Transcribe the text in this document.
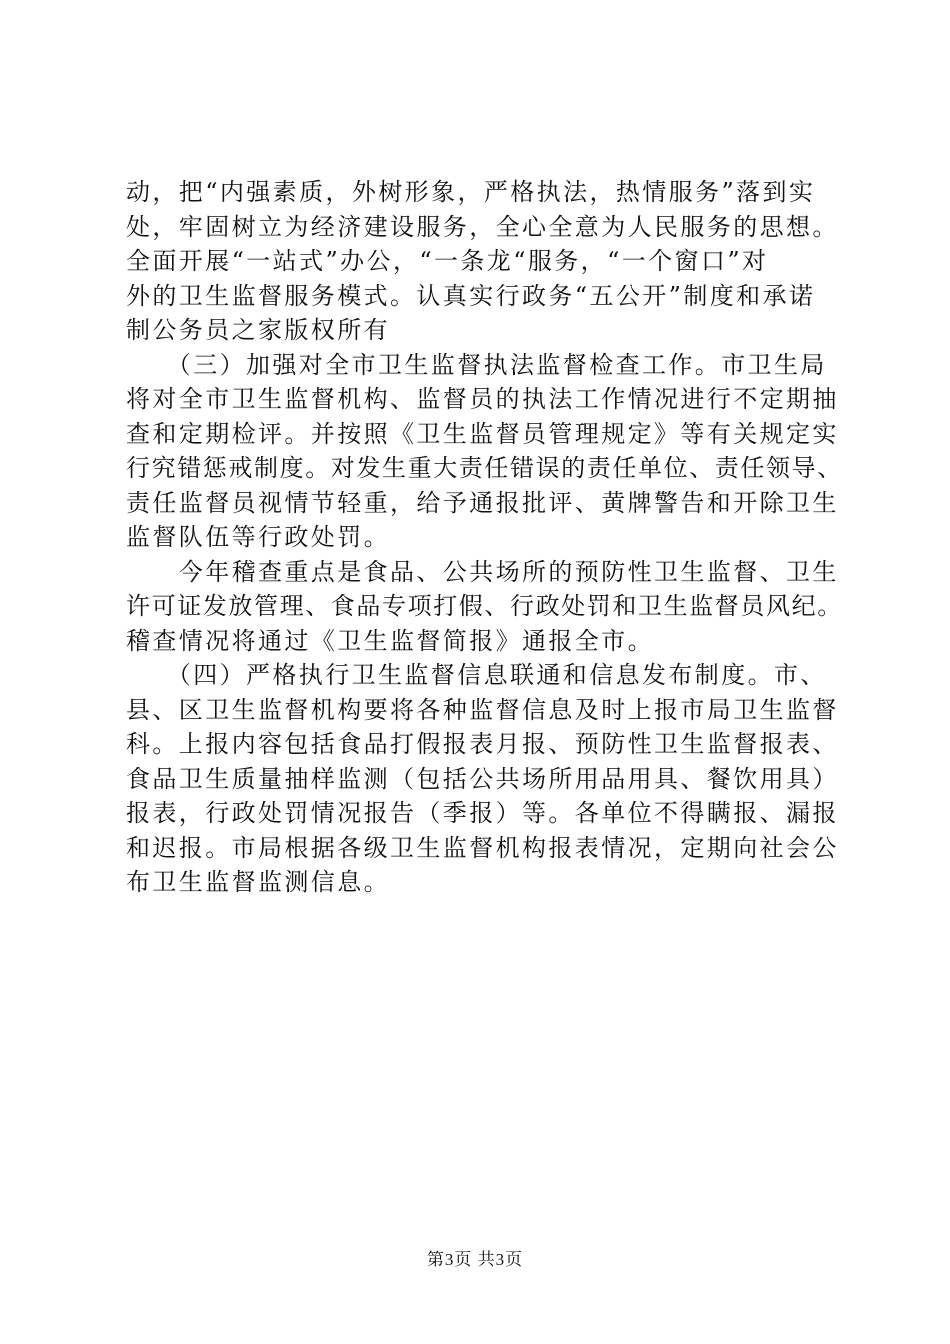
动，把“内强素质，外树形象，严格执法，热情服务”落到实
处，牢固树立为经济建设服务，全心全意为人民服务的思想。
全面开展“一站式”办公，“一条龙“服务，“一个窗口”对
外的卫生监督服务模式。认真实行政务“五公开”制度和承诺
制公务员之家版权所有
　　（三）加强对全市卫生监督执法监督检查工作。市卫生局
将对全市卫生监督机构、监督员的执法工作情况进行不定期抽
查和定期检评。并按照《卫生监督员管理规定》等有关规定实
行究错惩戒制度。对发生重大责任错误的责任单位、责任领导、
责任监督员视情节轻重，给予通报批评、黄牌警告和开除卫生
监督队伍等行政处罚。
　　今年稽查重点是食品、公共场所的预防性卫生监督、卫生
许可证发放管理、食品专项打假、行政处罚和卫生监督员风纪。
稽查情况将通过《卫生监督简报》通报全市。
　　（四）严格执行卫生监督信息联通和信息发布制度。市、
县、区卫生监督机构要将各种监督信息及时上报市局卫生监督
科。上报内容包括食品打假报表月报、预防性卫生监督报表、
食品卫生质量抽样监测（包括公共场所用品用具、餐饮用具）
报表，行政处罚情况报告（季报）等。各单位不得瞒报、漏报
和迟报。市局根据各级卫生监督机构报表情况，定期向社会公
布卫生监督监测信息。
第3页 共3页
